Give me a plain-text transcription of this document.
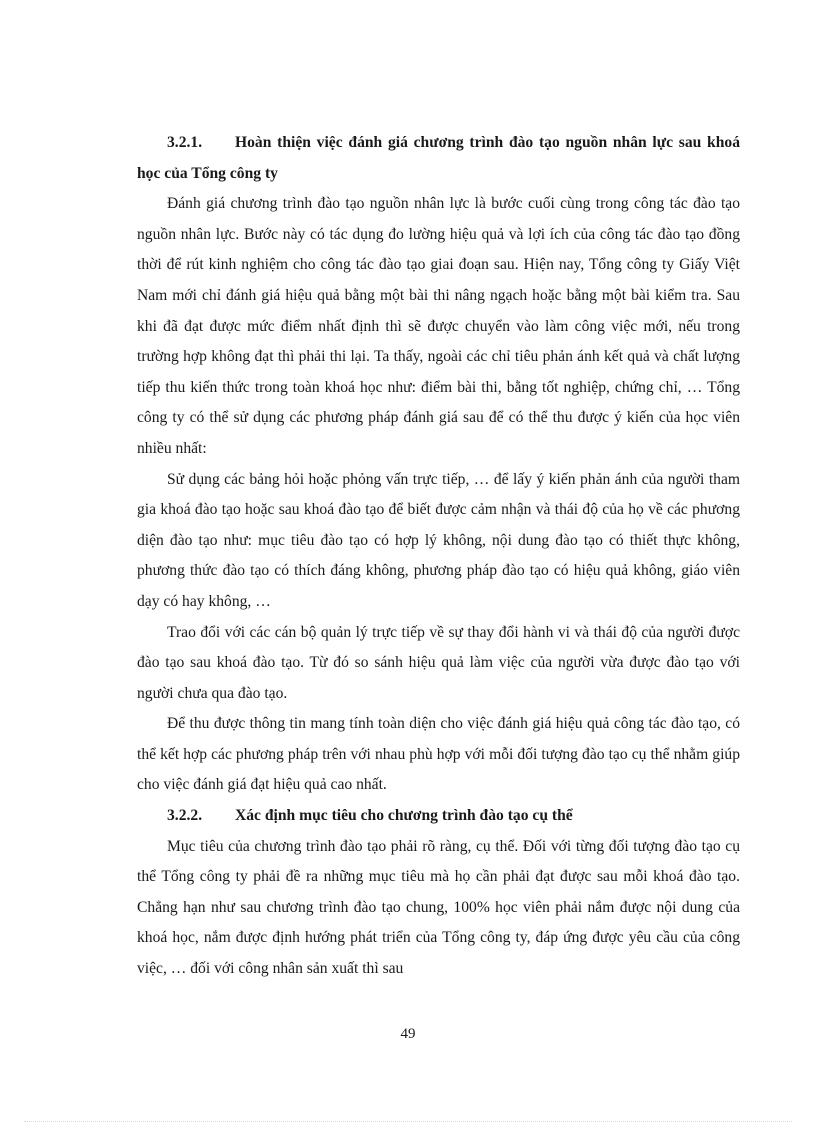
3.2.1. Hoàn thiện việc đánh giá chương trình đào tạo nguồn nhân lực sau khoá học của Tổng công ty

Đánh giá chương trình đào tạo nguồn nhân lực là bước cuối cùng trong công tác đào tạo nguồn nhân lực. Bước này có tác dụng đo lường hiệu quả và lợi ích của công tác đào tạo đồng thời để rút kinh nghiệm cho công tác đào tạo giai đoạn sau. Hiện nay, Tổng công ty Giấy Việt Nam mới chỉ đánh giá hiệu quả bằng một bài thi nâng ngạch hoặc bằng một bài kiểm tra. Sau khi đã đạt được mức điểm nhất định thì sẽ được chuyển vào làm công việc mới, nếu trong trường hợp không đạt thì phải thi lại. Ta thấy, ngoài các chỉ tiêu phản ánh kết quả và chất lượng tiếp thu kiến thức trong toàn khoá học như: điểm bài thi, bằng tốt nghiệp, chứng chỉ, … Tổng công ty có thể sử dụng các phương pháp đánh giá sau để có thể thu được ý kiến của học viên nhiều nhất:

Sử dụng các bảng hỏi hoặc phỏng vấn trực tiếp, … để lấy ý kiến phản ánh của người tham gia khoá đào tạo hoặc sau khoá đào tạo để biết được cảm nhận và thái độ của họ về các phương diện đào tạo như: mục tiêu đào tạo có hợp lý không, nội dung đào tạo có thiết thực không, phương thức đào tạo có thích đáng không, phương pháp đào tạo có hiệu quả không, giáo viên dạy có hay không, …

Trao đổi với các cán bộ quản lý trực tiếp về sự thay đổi hành vi và thái độ của người được đào tạo sau khoá đào tạo. Từ đó so sánh hiệu quả làm việc của người vừa được đào tạo với người chưa qua đào tạo.

Để thu được thông tin mang tính toàn diện cho việc đánh giá hiệu quả công tác đào tạo, có thể kết hợp các phương pháp trên với nhau phù hợp với mỗi đối tượng đào tạo cụ thể nhằm giúp cho việc đánh giá đạt hiệu quả cao nhất.

3.2.2. Xác định mục tiêu cho chương trình đào tạo cụ thể

Mục tiêu của chương trình đào tạo phải rõ ràng, cụ thể. Đối với từng đối tượng đào tạo cụ thể Tổng công ty phải đề ra những mục tiêu mà họ cần phải đạt được sau mỗi khoá đào tạo. Chẳng hạn như sau chương trình đào tạo chung, 100% học viên phải nắm được nội dung của khoá học, nắm được định hướng phát triển của Tổng công ty, đáp ứng được yêu cầu của công việc, … đối với công nhân sản xuất thì sau

49
